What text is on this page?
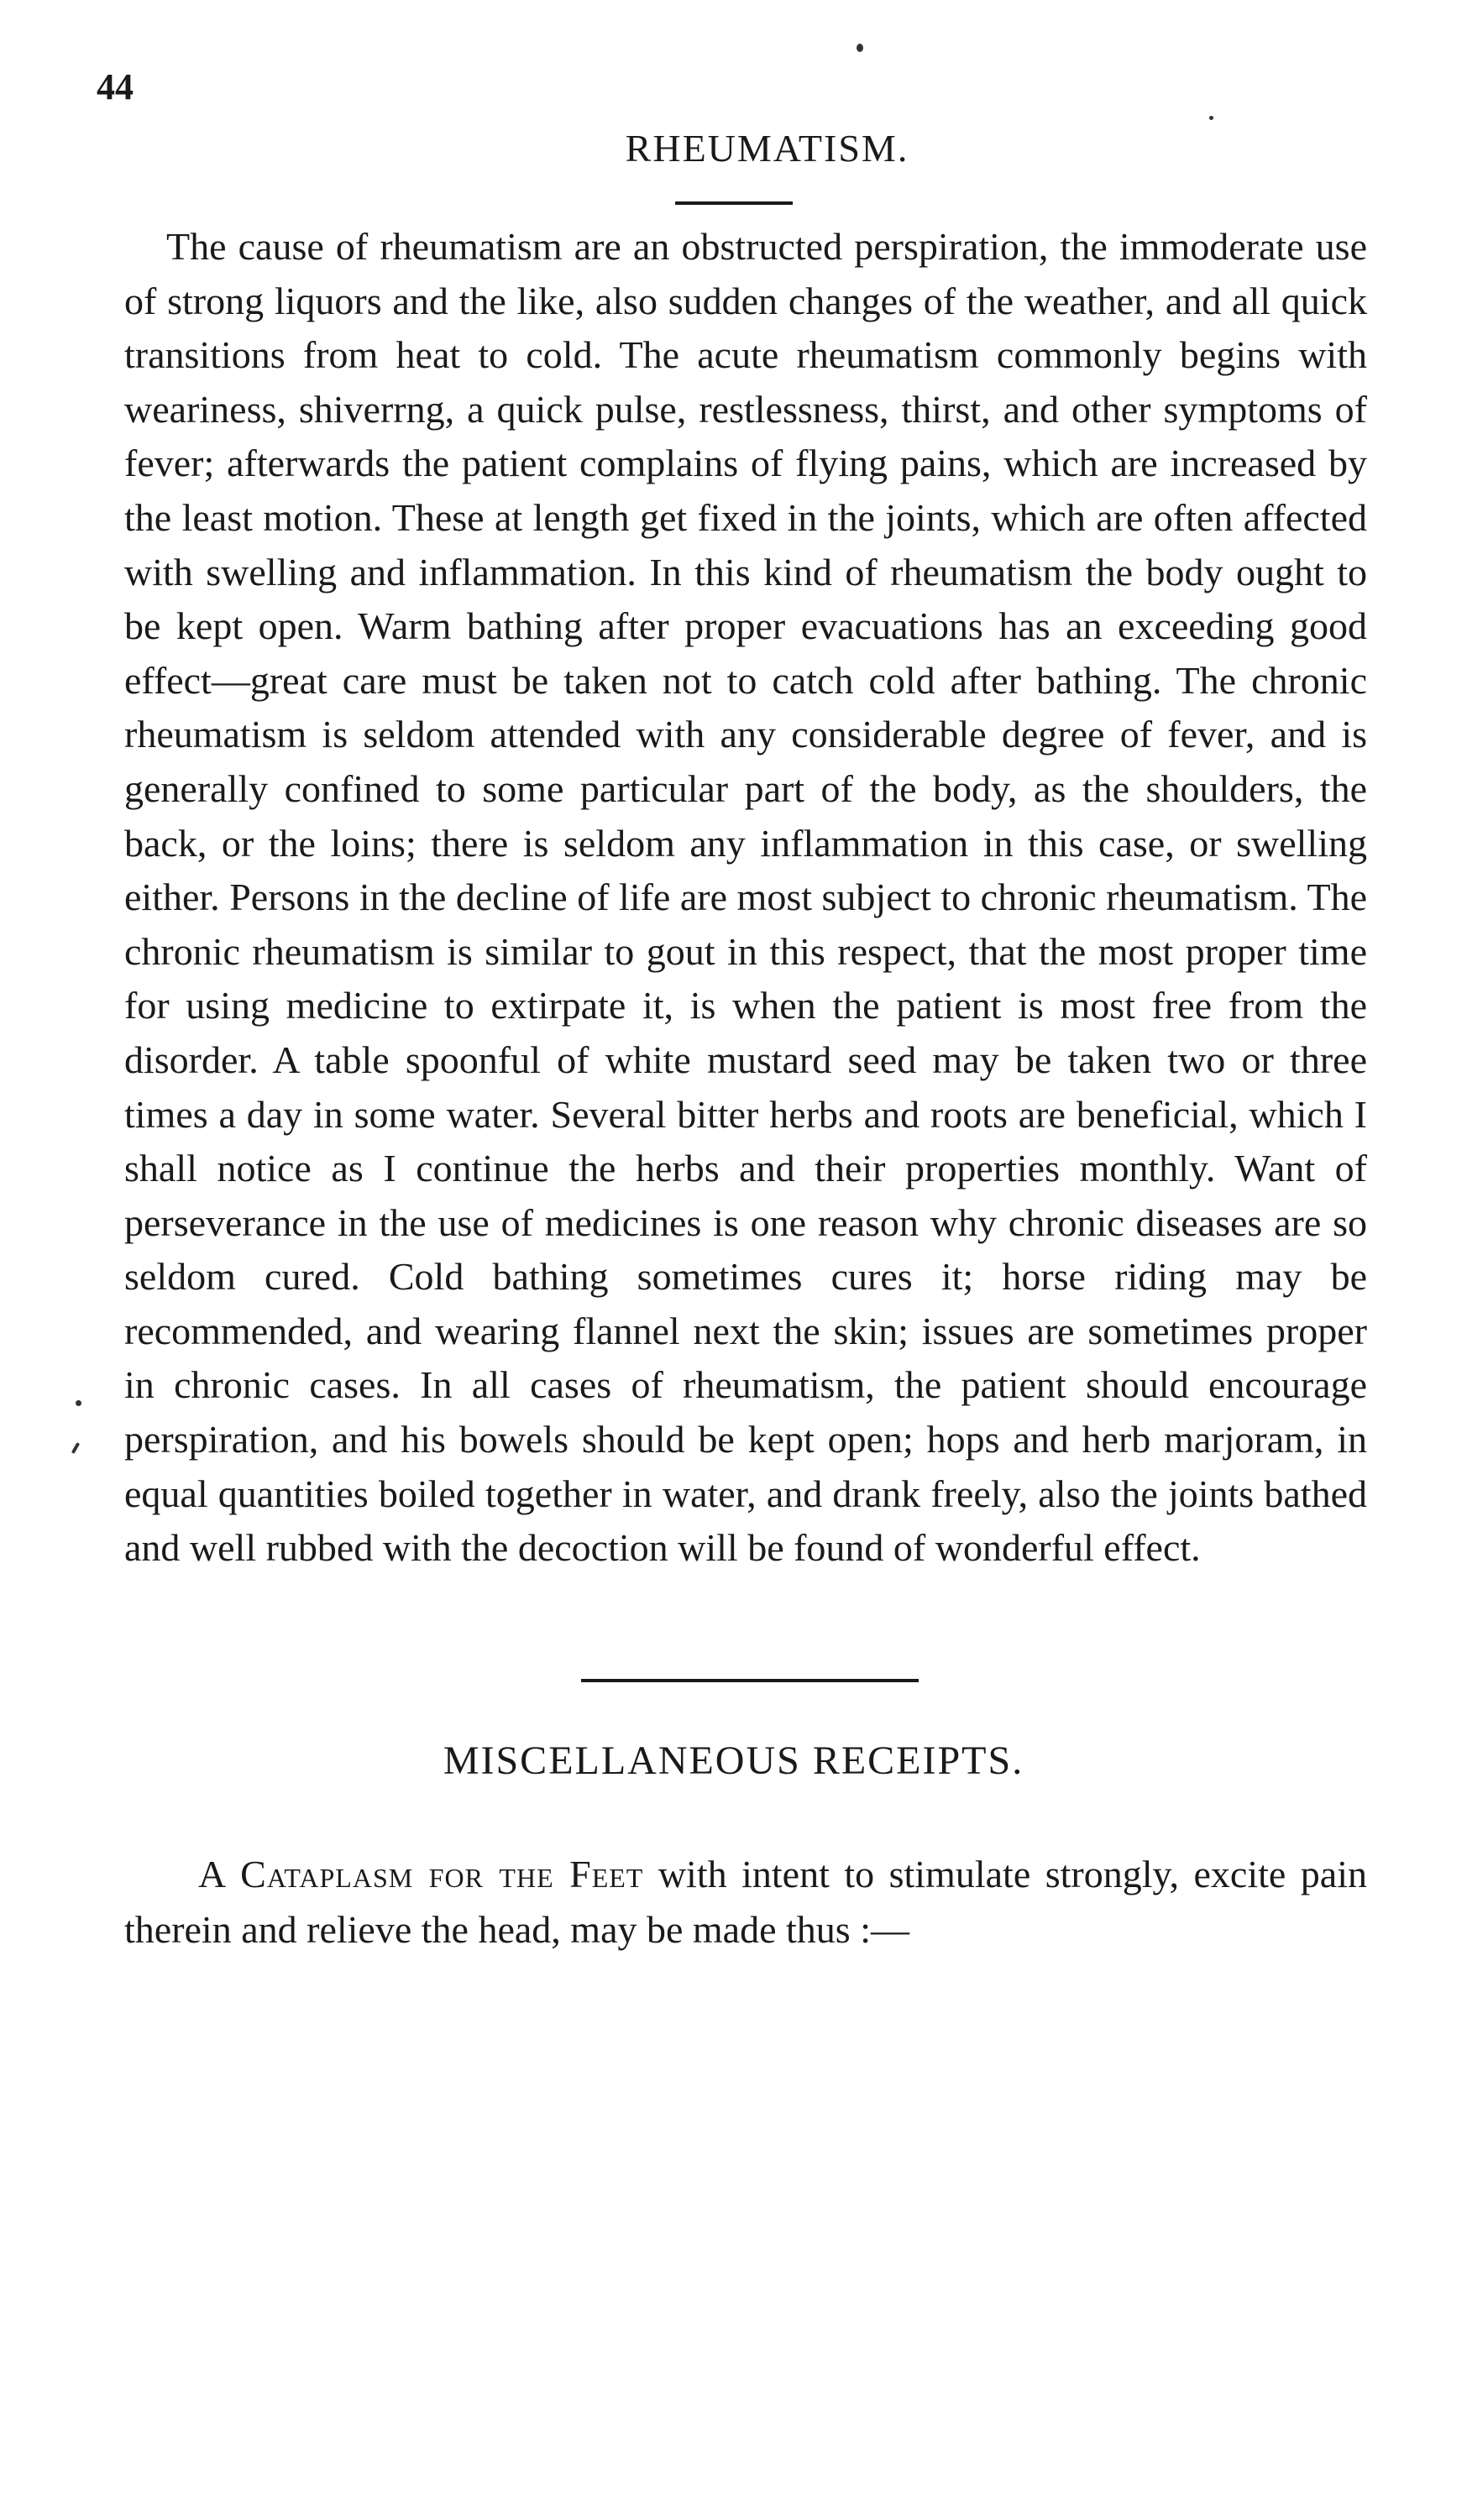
44
RHEUMATISM.

The cause of rheumatism are an obstructed perspiration, the immoderate use of strong liquors and the like, also sudden changes of the weather, and all quick transitions from heat to cold. The acute rheumatism commonly begins with weariness, shiverrng, a quick pulse, restlessness, thirst, and other symptoms of fever; afterwards the patient complains of flying pains, which are increased by the least motion. These at length get fixed in the joints, which are often affected with swelling and inflammation. In this kind of rheumatism the body ought to be kept open. Warm bathing after proper evacuations has an exceeding good effect—great care must be taken not to catch cold after bathing. The chronic rheumatism is seldom attended with any considerable degree of fever, and is generally confined to some particular part of the body, as the shoulders, the back, or the loins; there is seldom any inflammation in this case, or swelling either. Persons in the decline of life are most subject to chronic rheumatism. The chronic rheumatism is similar to gout in this respect, that the most proper time for using medicine to extirpate it, is when the patient is most free from the disorder. A table spoonful of white mustard seed may be taken two or three times a day in some water. Several bitter herbs and roots are beneficial, which I shall notice as I continue the herbs and their properties monthly. Want of perseverance in the use of medicines is one reason why chronic diseases are so seldom cured. Cold bathing sometimes cures it; horse riding may be recommended, and wearing flannel next the skin; issues are sometimes proper in chronic cases. In all cases of rheumatism, the patient should encourage perspiration, and his bowels should be kept open; hops and herb marjoram, in equal quantities boiled together in water, and drank freely, also the joints bathed and well rubbed with the decoction will be found of wonderful effect.

MISCELLANEOUS RECEIPTS.

A Cataplasm for the Feet with intent to stimulate strongly, excite pain therein and relieve the head, may be made thus :—
